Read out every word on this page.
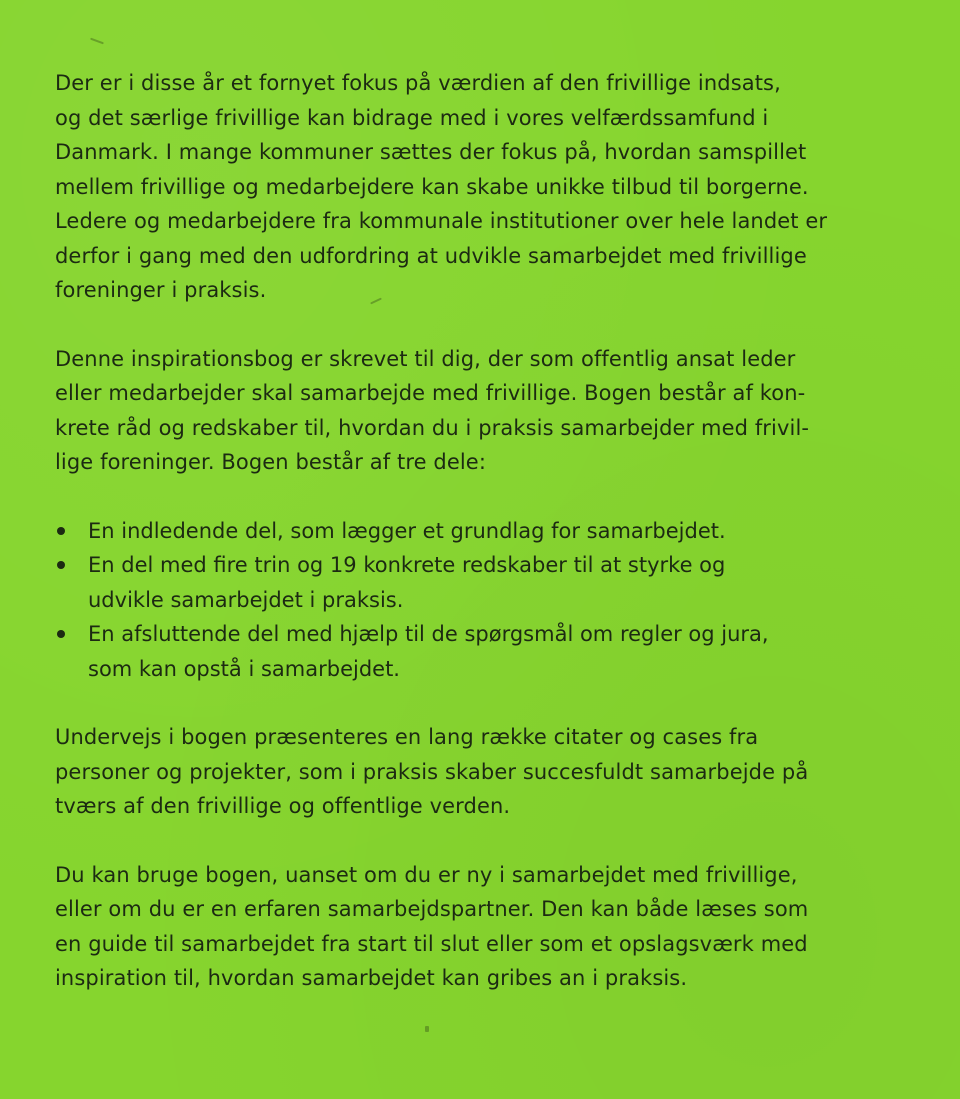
Der er i disse år et fornyet fokus på værdien af den frivillige indsats,
og det særlige frivillige kan bidrage med i vores velfærdssamfund i
Danmark. I mange kommuner sættes der fokus på, hvordan samspillet
mellem frivillige og medarbejdere kan skabe unikke tilbud til borgerne.
Ledere og medarbejdere fra kommunale institutioner over hele landet er
derfor i gang med den udfordring at udvikle samarbejdet med frivillige
foreninger i praksis.

Denne inspirationsbog er skrevet til dig, der som offentlig ansat leder
eller medarbejder skal samarbejde med frivillige. Bogen består af kon-
krete råd og redskaber til, hvordan du i praksis samarbejder med frivil-
lige foreninger. Bogen består af tre dele:

En indledende del, som lægger et grundlag for samarbejdet.
En del med fire trin og 19 konkrete redskaber til at styrke og
udvikle samarbejdet i praksis.
En afsluttende del med hjælp til de spørgsmål om regler og jura,
som kan opstå i samarbejdet.

Undervejs i bogen præsenteres en lang række citater og cases fra
personer og projekter, som i praksis skaber succesfuldt samarbejde på
tværs af den frivillige og offentlige verden.

Du kan bruge bogen, uanset om du er ny i samarbejdet med frivillige,
eller om du er en erfaren samarbejdspartner. Den kan både læses som
en guide til samarbejdet fra start til slut eller som et opslagsværk med
inspiration til, hvordan samarbejdet kan gribes an i praksis.
